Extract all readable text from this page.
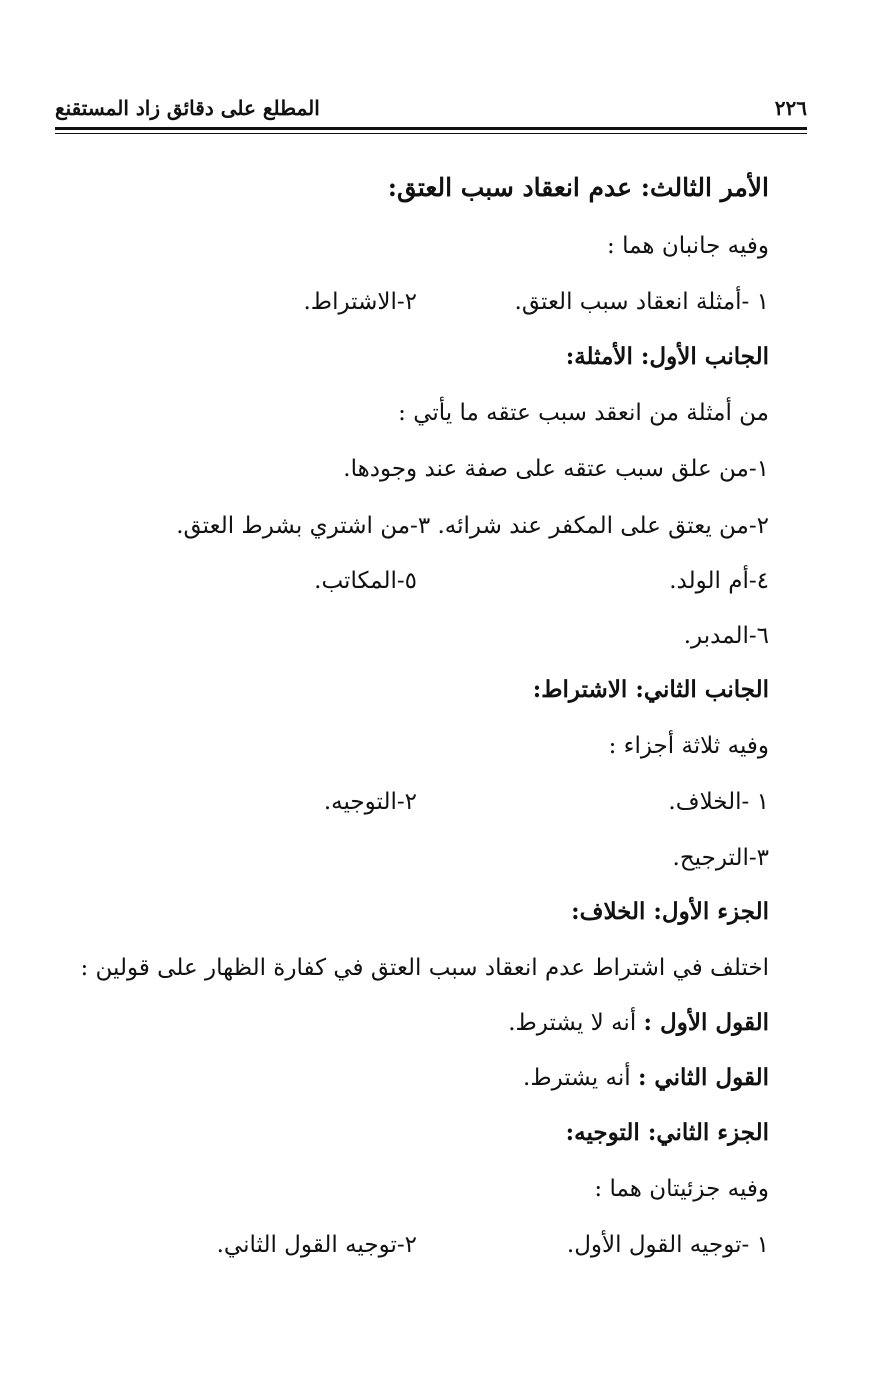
٢٢٦
المطلع على دقائق زاد المستقنع
الأمر الثالث: عدم انعقاد سبب العتق:
وفيه جانبان هما :
١ -أمثلة انعقاد سبب العتق.
٢-الاشتراط.
الجانب الأول: الأمثلة:
من أمثلة من انعقد سبب عتقه ما يأتي :
١-من علق سبب عتقه على صفة عند وجودها.
٢-من يعتق على المكفر عند شرائه. ٣-من اشتري بشرط العتق.
٤-أم الولد.
٥-المكاتب.
٦-المدبر.
الجانب الثاني: الاشتراط:
وفيه ثلاثة أجزاء :
١ -الخلاف.
٢-التوجيه.
٣-الترجيح.
الجزء الأول: الخلاف:
اختلف في اشتراط عدم انعقاد سبب العتق في كفارة الظهار على قولين :
القول الأول : أنه لا يشترط.
القول الثاني : أنه يشترط.
الجزء الثاني: التوجيه:
وفيه جزئيتان هما :
١ -توجيه القول الأول.
٢-توجيه القول الثاني.
